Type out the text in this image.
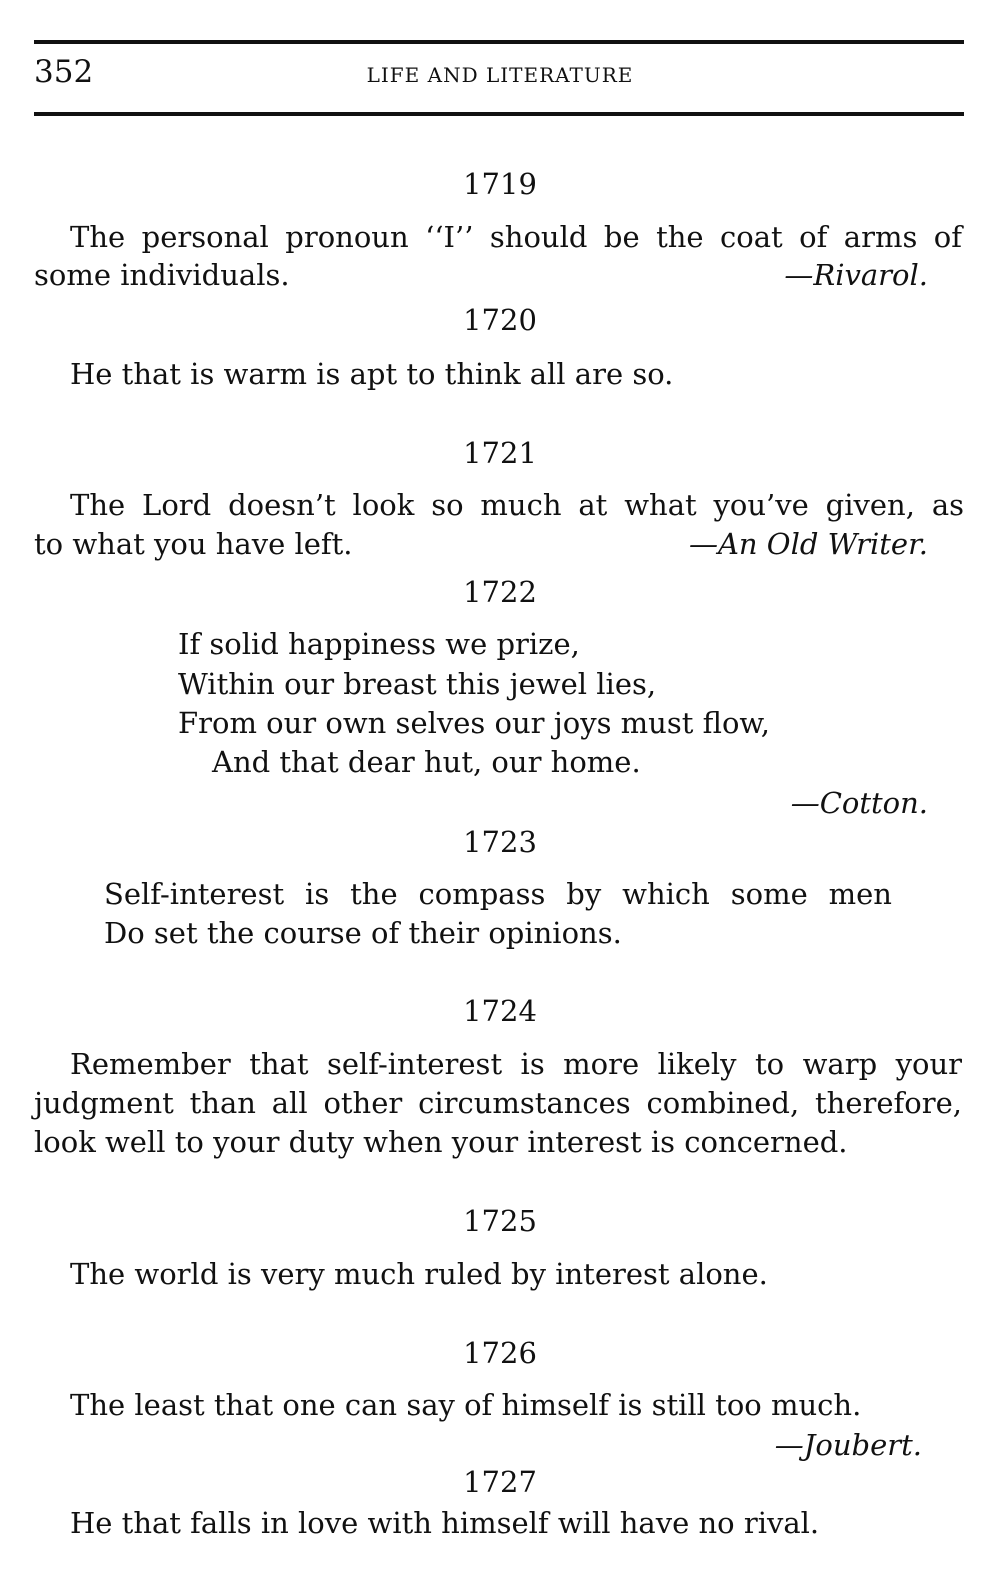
352	LIFE AND LITERATURE
1719
The personal pronoun ‘‘I’’ should be the coat of arms of
some individuals.	—Rivarol.
1720
He that is warm is apt to think all are so.
1721
The Lord doesn’t look so much at what you’ve given, as
to what you have left.	—An Old Writer.
1722
If solid happiness we prize,
Within our breast this jewel lies,
From our own selves our joys must flow,
And that dear hut, our home.
—Cotton.
1723
Self-interest is the compass by which some men
Do set the course of their opinions.
1724
Remember that self-interest is more likely to warp your
judgment than all other circumstances combined, therefore,
look well to your duty when your interest is concerned.
1725
The world is very much ruled by interest alone.
1726
The least that one can say of himself is still too much.
—Joubert.
1727
He that falls in love with himself will have no rival.
